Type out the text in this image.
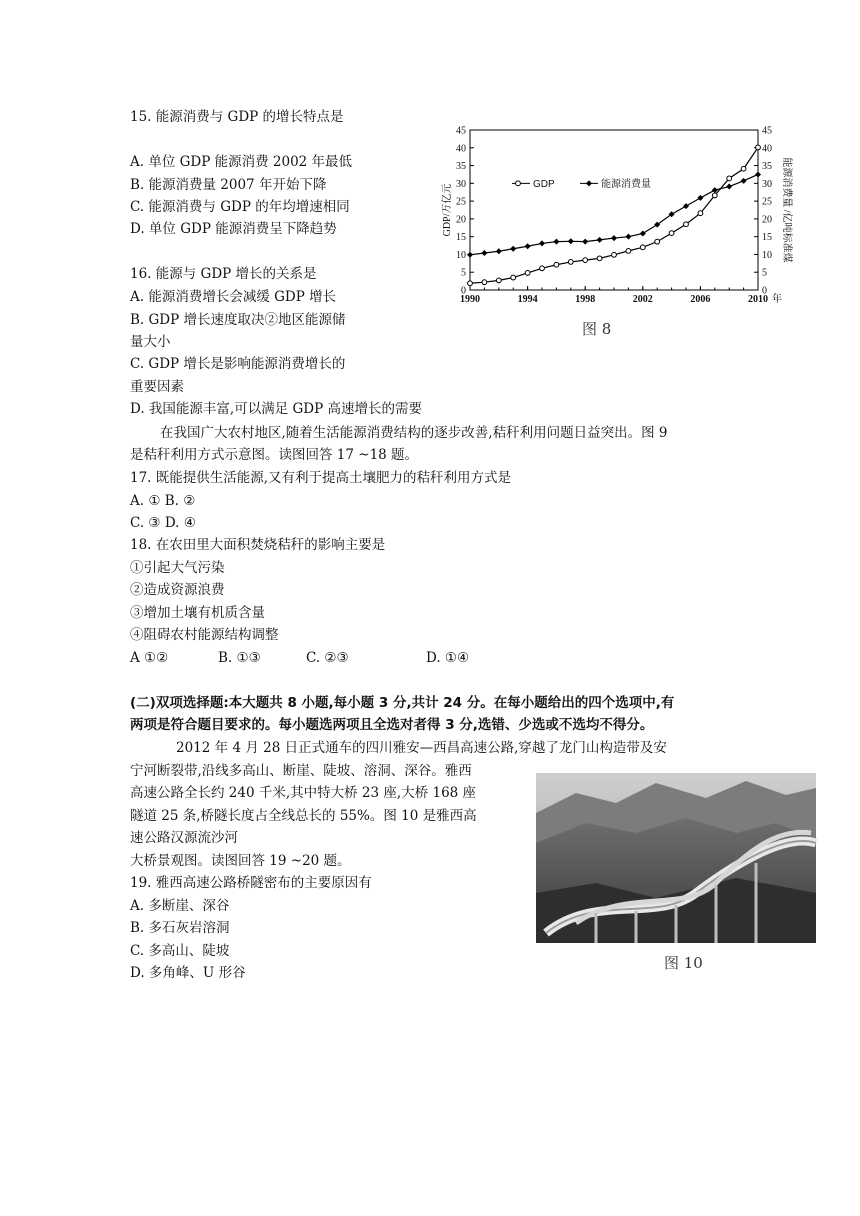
15. 能源消费与 GDP 的增长特点是
A. 单位 GDP 能源消费 2002 年最低
B. 能源消费量 2007 年开始下降
C. 能源消费与 GDP 的年均增速相同
D. 单位 GDP 能源消费呈下降趋势
16. 能源与 GDP 增长的关系是
A. 能源消费增长会减缓 GDP 增长
B. GDP 增长速度取决②地区能源储
量大小
C. GDP 增长是影响能源消费增长的
重要因素
D. 我国能源丰富,可以满足 GDP 高速增长的需要
0	0
5	5
10	10
15	15
20	20
25	25
30	30
35	35
40	40
45	45
1990	1994	1998	2002	2006	2010 年
GDP/万亿元	能源消费量 /亿吨标准煤
GDP	能源消费量
图 8
在我国广大农村地区,随着生活能源消费结构的逐步改善,秸秆利用问题日益突出。图 9
是秸秆利用方式示意图。读图回答 17 ~18 题。
17. 既能提供生活能源,又有利于提高土壤肥力的秸秆利用方式是
A. ① B. ②
C. ③ D. ④
18. 在农田里大面积焚烧秸秆的影响主要是
①引起大气污染
②造成资源浪费
③增加土壤有机质含量
④阻碍农村能源结构调整
A ①②	B. ①③	C. ②③	D. ①④
(二)双项选择题:本大题共 8 小题,每小题 3 分,共计 24 分。在每小题给出的四个选项中,有
两项是符合题目要求的。每小题选两项且全选对者得 3 分,选错、少选或不选均不得分。
2012 年 4 月 28 日正式通车的四川雅安—西昌高速公路,穿越了龙门山构造带及安
宁河断裂带,沿线多高山、断崖、陡坡、溶洞、深谷。雅西
高速公路全长约 240 千米,其中特大桥 23 座,大桥 168 座
隧道 25 条,桥隧长度占全线总长的 55%。图 10 是雅西高
速公路汉源流沙河
大桥景观图。读图回答 19 ~20 题。
19. 雅西高速公路桥隧密布的主要原因有
A. 多断崖、深谷
B. 多石灰岩溶洞
C. 多高山、陡坡
D. 多角峰、U 形谷
图 10
